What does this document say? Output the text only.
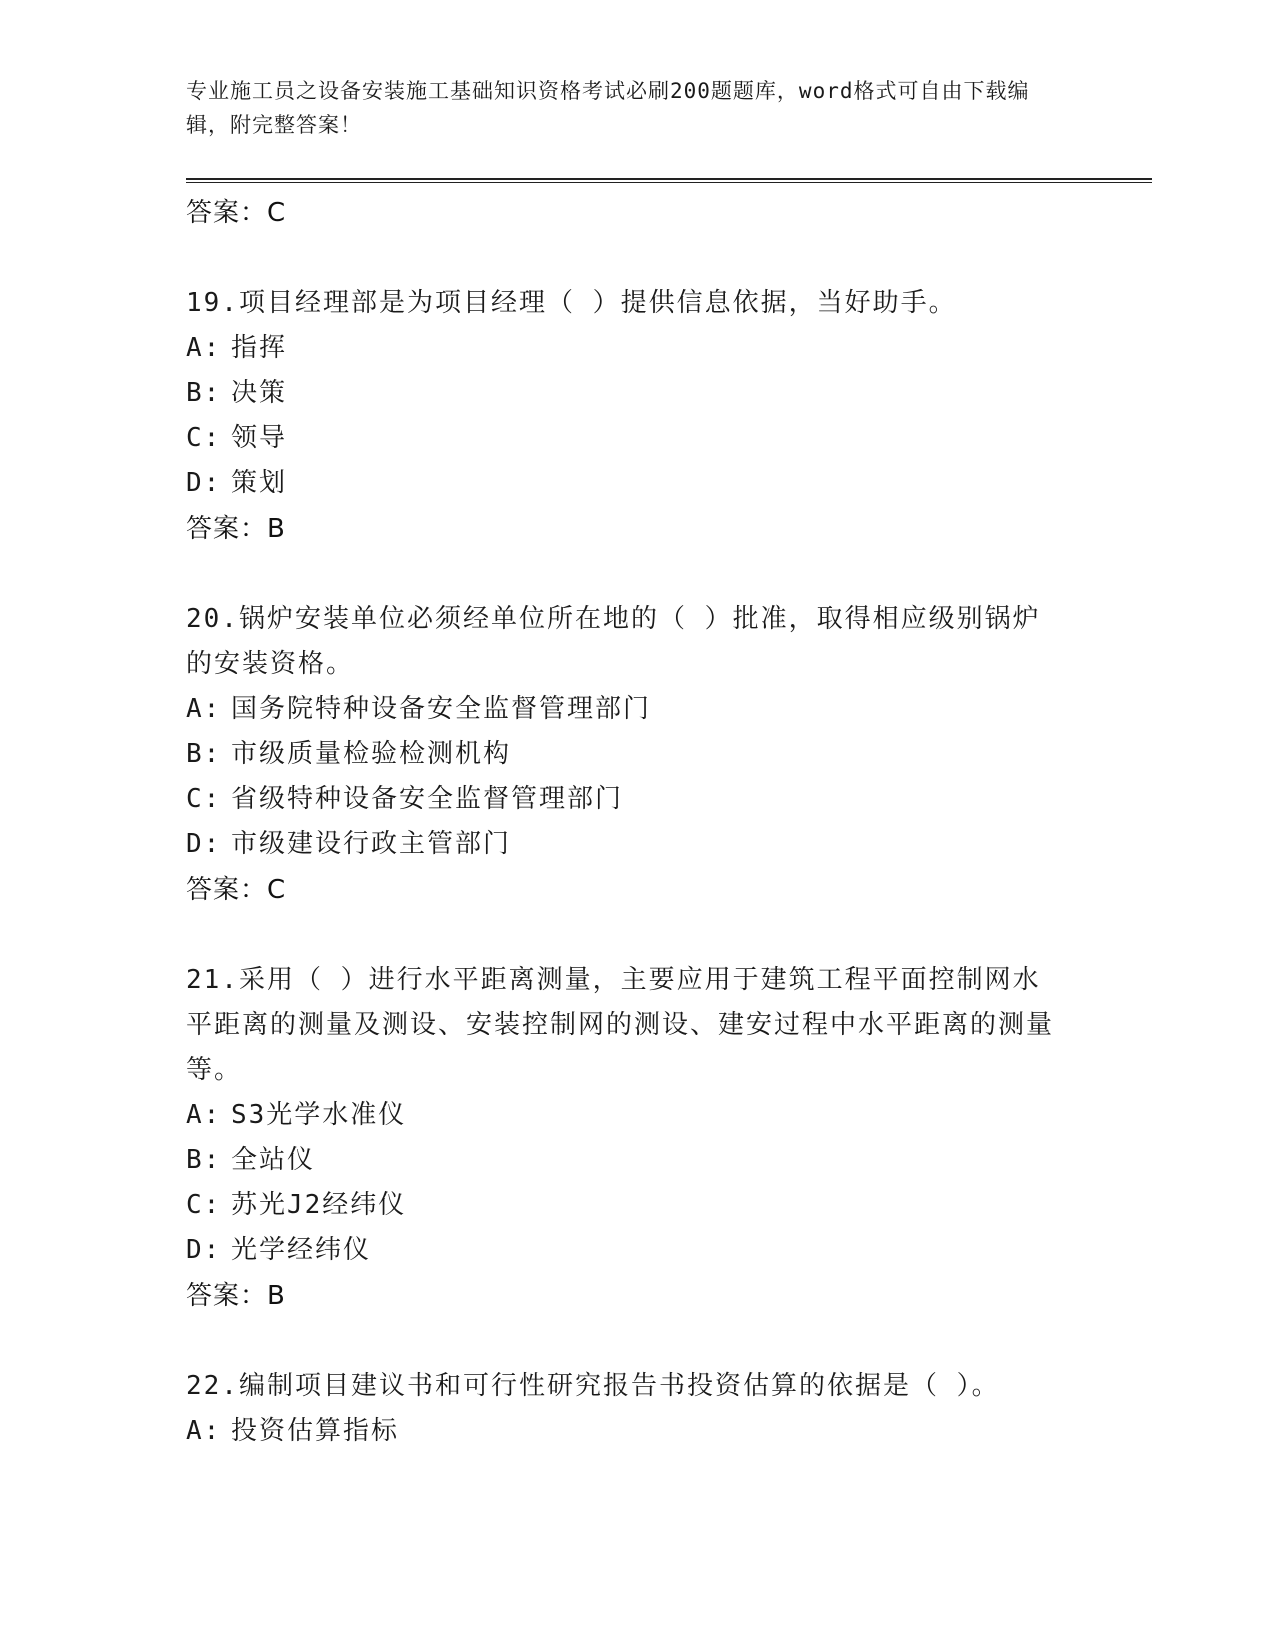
专业施工员之设备安装施工基础知识资格考试必刷200题题库，word格式可自由下载编辑，附完整答案！
答案：C
19.项目经理部是为项目经理（ ）提供信息依据，当好助手。
A: 指挥
B: 决策
C: 领导
D: 策划
答案：B
20.锅炉安装单位必须经单位所在地的（ ）批准，取得相应级别锅炉的安装资格。
A: 国务院特种设备安全监督管理部门
B: 市级质量检验检测机构
C: 省级特种设备安全监督管理部门
D: 市级建设行政主管部门
答案：C
21.采用（ ）进行水平距离测量，主要应用于建筑工程平面控制网水平距离的测量及测设、安装控制网的测设、建安过程中水平距离的测量等。
A: S3光学水准仪
B: 全站仪
C: 苏光J2经纬仪
D: 光学经纬仪
答案：B
22.编制项目建议书和可行性研究报告书投资估算的依据是（ ）。
A: 投资估算指标
